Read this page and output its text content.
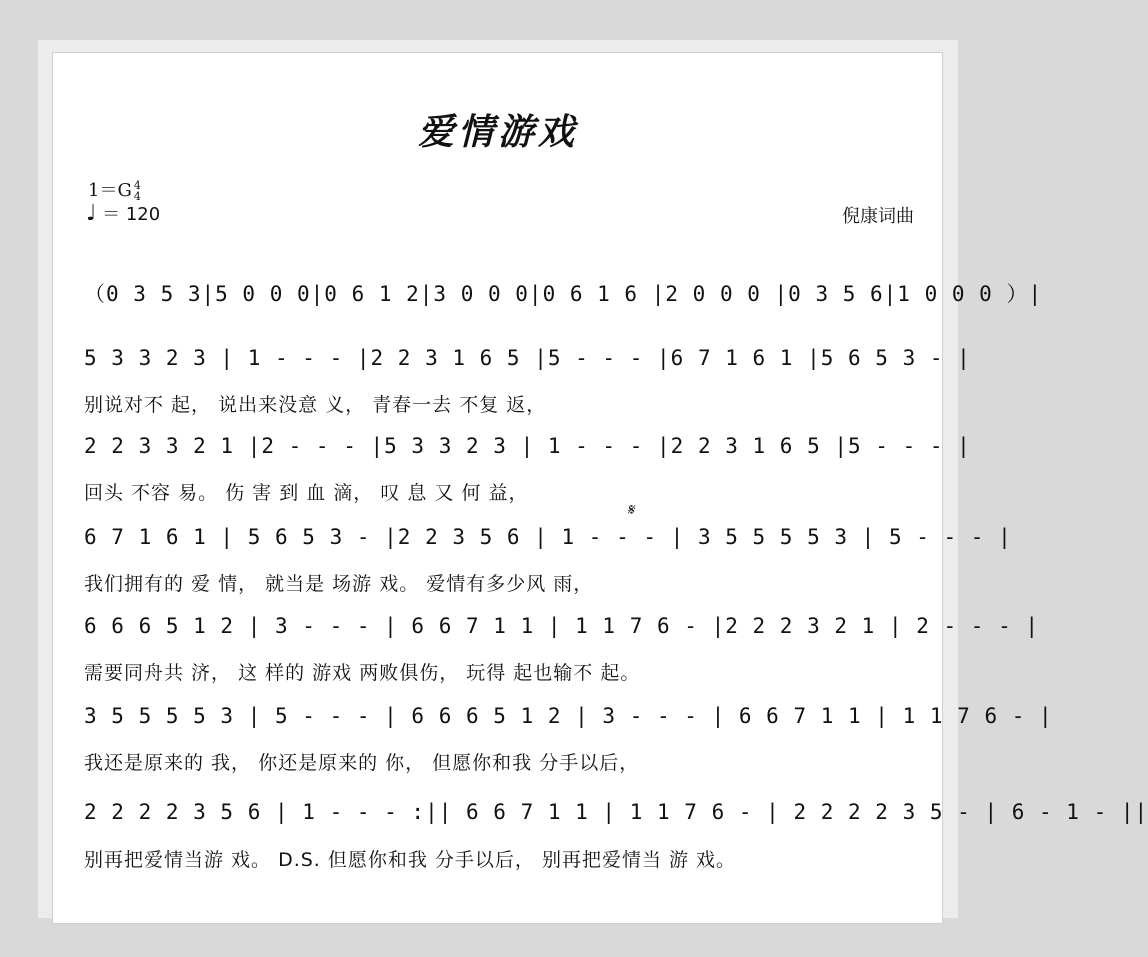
爱情游戏
1＝G 4
4
♩ ＝ 120	倪康词曲
（0 3 5 3|5 0 0 0|0 6 1 2|3 0 0 0|0 6 1 6 |2 0 0 0 |0 3 5 6|1 0 0 0 ）|
5 3 3 2 3 | 1 - - - |2 2 3 1 6 5 |5 - - - |6 7 1 6 1 |5 6 5 3 - |
别说对不 起， 说出来没意 义， 青春一去 不复 返，
2 2 3 3 2 1 |2 - - - |5 3 3 2 3 | 1 - - - |2 2 3 1 6 5 |5 - - - |
回头 不容 易。 伤 害 到 血 滴， 叹 息 又 何 益，
𝄋
6 7 1 6 1 | 5 6 5 3 - |2 2 3 5 6 | 1 - - - | 3 5 5 5 5 3 | 5 - - - |
我们拥有的 爱 情， 就当是 场游 戏。 爱情有多少风 雨，
6 6 6 5 1 2 | 3 - - - | 6 6 7 1 1 | 1 1 7 6 - |2 2 2 3 2 1 | 2 - - - |
需要同舟共 济， 这 样的 游戏 两败俱伤， 玩得 起也输不 起。
3 5 5 5 5 3 | 5 - - - | 6 6 6 5 1 2 | 3 - - - | 6 6 7 1 1 | 1 1 7 6 - |
我还是原来的 我， 你还是原来的 你， 但愿你和我 分手以后，
2 2 2 2 3 5 6 | 1 - - - :|| 6 6 7 1 1 | 1 1 7 6 - | 2 2 2 2 3 5 - | 6 - 1 - ||
别再把爱情当游 戏。 D.S. 但愿你和我 分手以后， 别再把爱情当 游 戏。
